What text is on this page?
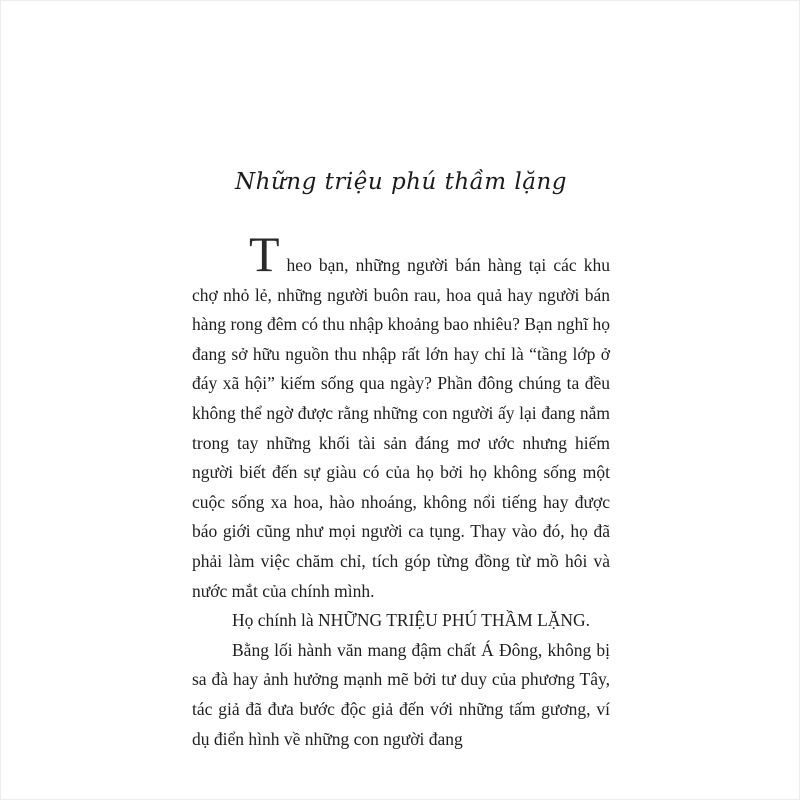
Những triệu phú thầm lặng

Theo bạn, những người bán hàng tại các khu chợ nhỏ lẻ, những người buôn rau, hoa quả hay người bán hàng rong đêm có thu nhập khoảng bao nhiêu? Bạn nghĩ họ đang sở hữu nguồn thu nhập rất lớn hay chỉ là “tầng lớp ở đáy xã hội” kiếm sống qua ngày? Phần đông chúng ta đều không thể ngờ được rằng những con người ấy lại đang nắm trong tay những khối tài sản đáng mơ ước nhưng hiếm người biết đến sự giàu có của họ bởi họ không sống một cuộc sống xa hoa, hào nhoáng, không nổi tiếng hay được báo giới cũng như mọi người ca tụng. Thay vào đó, họ đã phải làm việc chăm chỉ, tích góp từng đồng từ mồ hôi và nước mắt của chính mình.

Họ chính là NHỮNG TRIỆU PHÚ THẦM LẶNG.

Bằng lối hành văn mang đậm chất Á Đông, không bị sa đà hay ảnh hưởng mạnh mẽ bởi tư duy của phương Tây, tác giả đã đưa bước độc giả đến với những tấm gương, ví dụ điển hình về những con người đang
